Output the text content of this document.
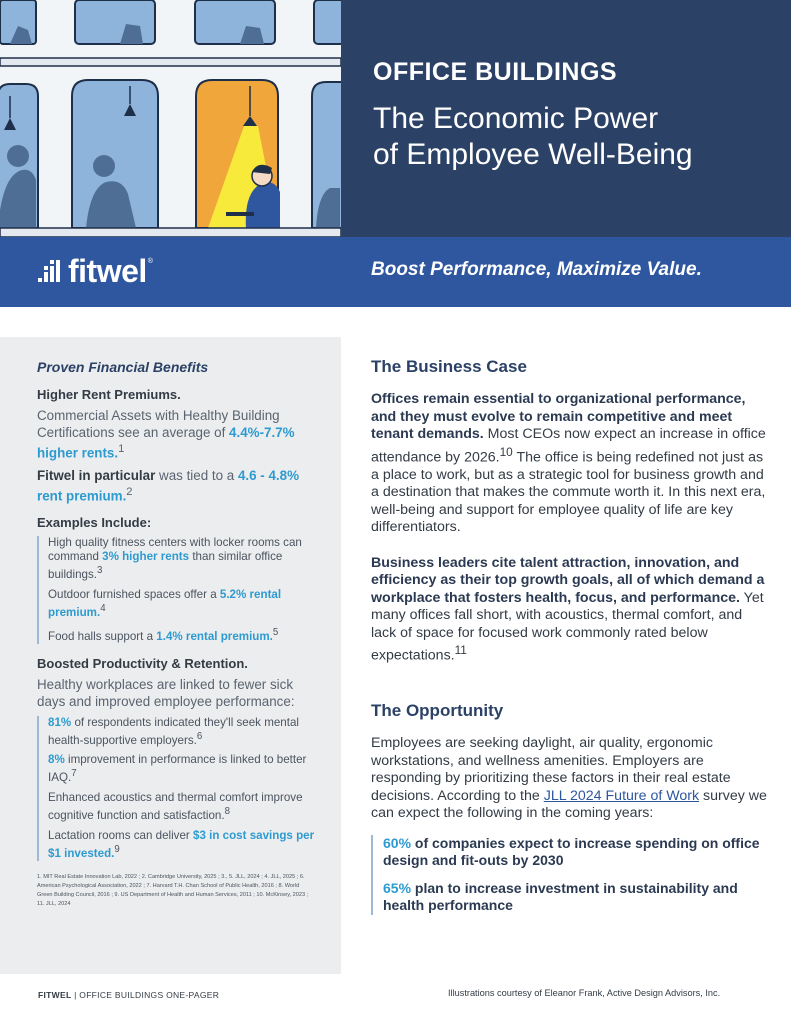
OFFICE BUILDINGS
The Economic Power
of Employee Well-Being
fitwel ®	Boost Performance, Maximize Value.
Proven Financial Benefits
Higher Rent Premiums.

Commercial Assets with Healthy Building Certifications see an average of 4.4%-7.7% higher rents.$^1$

Fitwel in particular was tied to a 4.6 - 4.8% rent premium.$^2$

Examples Include:
High quality fitness centers with locker rooms can command 3% higher rents than similar office buildings.$^3$
Outdoor furnished spaces offer a 5.2% rental premium.$^4$
Food halls support a 1.4% rental premium.$^5$
Boosted Productivity & Retention.

Healthy workplaces are linked to fewer sick days and improved employee performance:

81% of respondents indicated they'll seek mental health-supportive employers.$^6$
8% improvement in performance is linked to better IAQ.$^7$
Enhanced acoustics and thermal comfort improve cognitive function and satisfaction.$^8$
Lactation rooms can deliver $3 in cost savings per $1 invested.$^9$

1. MIT Real Estate Innovation Lab, 2022 ; 2. Cambridge University, 2025 ; 3., 5. JLL, 2024 ; 4. JLL, 2025 ; 6. American Psychological Association, 2022 ; 7. Harvard T.H. Chan School of Public Health, 2016 ; 8. World Green Building Council, 2016 ; 9. US Department of Health and Human Services, 2011 ; 10. McKinsey, 2023 ; 11. JLL, 2024

The Business Case

Offices remain essential to organizational performance, and they must evolve to remain competitive and meet tenant demands. Most CEOs now expect an increase in office attendance by 2026.10 The office is being redefined not just as a place to work, but as a strategic tool for business growth and a destination that makes the commute worth it. In this next era, well-being and support for employee quality of life are key differentiators.

Business leaders cite talent attraction, innovation, and efficiency as their top growth goals, all of which demand a workplace that fosters health, focus, and performance. Yet many offices fall short, with acoustics, thermal comfort, and lack of space for focused work commonly rated below expectations.$^{11}$

The Opportunity

Employees are seeking daylight, air quality, ergonomic workstations, and wellness amenities. Employers are responding by prioritizing these factors in their real estate decisions. According to the JLL 2024 Future of Work survey we can expect the following in the coming years:

60% of companies expect to increase spending on office design and fit-outs by 2030
65% plan to increase investment in sustainability and health performance
FITWEL | OFFICE BUILDINGS ONE-PAGER	Illustrations courtesy of Eleanor Frank, Active Design Advisors, Inc.
